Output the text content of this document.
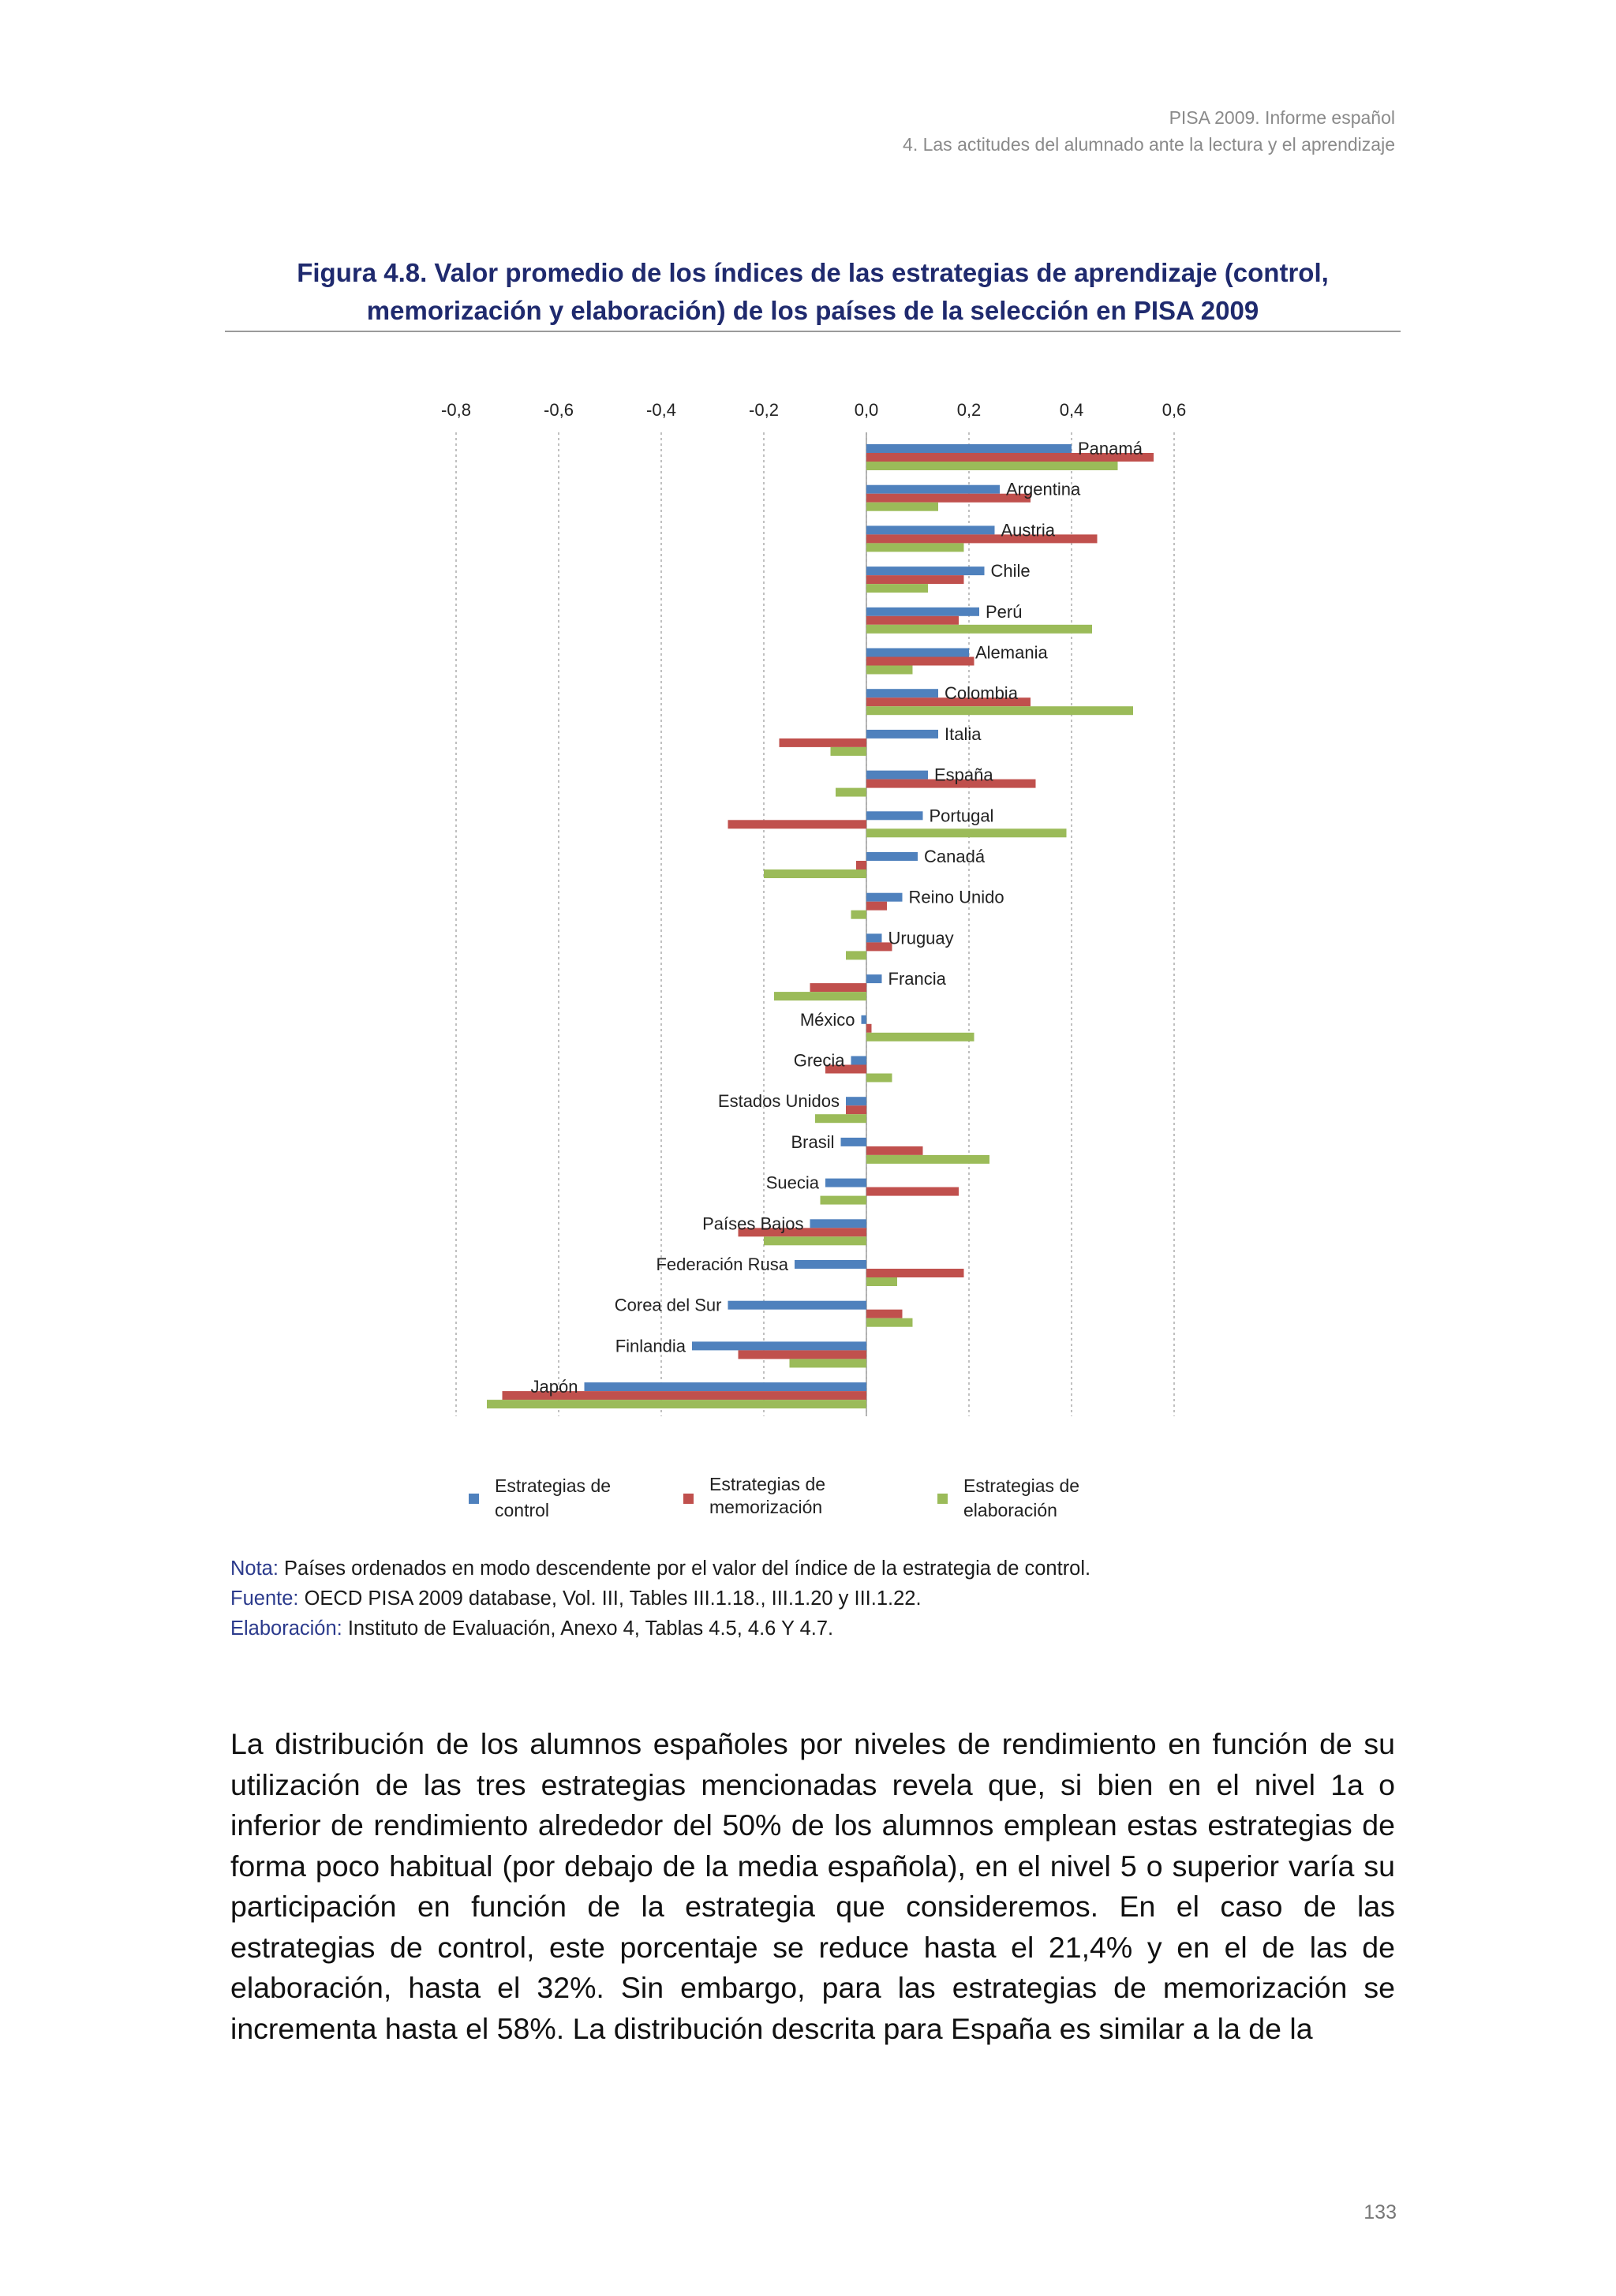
PISA 2009. Informe español
4. Las actitudes del alumnado ante la lectura y el aprendizaje
Figura 4.8. Valor promedio de los índices de las estrategias de aprendizaje (control,
memorización y elaboración) de los países de la selección en PISA 2009
-0,8	-0,6	-0,4	-0,2	0,0	0,2	0,4	0,6
Panamá
Argentina
Austria
Chile
Perú
Alemania
Colombia
Italia
España
Portugal
Canadá
Reino Unido
Uruguay
Francia
México
Grecia
Estados Unidos
Brasil
Suecia
Países Bajos
Federación Rusa
Corea del Sur
Finlandia
Japón
Estrategias de
control
Estrategias de
memorización
Estrategias de
elaboración
Nota: Países ordenados en modo descendente por el valor del índice de la estrategia de control.
Fuente: OECD PISA 2009 database, Vol. III, Tables III.1.18., III.1.20 y III.1.22.
Elaboración: Instituto de Evaluación, Anexo 4, Tablas 4.5, 4.6 Y 4.7.
La distribución de los alumnos españoles por niveles de rendimiento en función de su utilización de las tres estrategias mencionadas revela que, si bien en el nivel 1a o inferior de rendimiento alrededor del 50% de los alumnos emplean estas estrategias de forma poco habitual (por debajo de la media española), en el nivel 5 o superior varía su participación en función de la estrategia que consideremos. En el caso de las estrategias de control, este porcentaje se reduce hasta el 21,4% y en el de las de elaboración, hasta el 32%. Sin embargo, para las estrategias de memorización se incrementa hasta el 58%. La distribución descrita para España es similar a la de la
133
